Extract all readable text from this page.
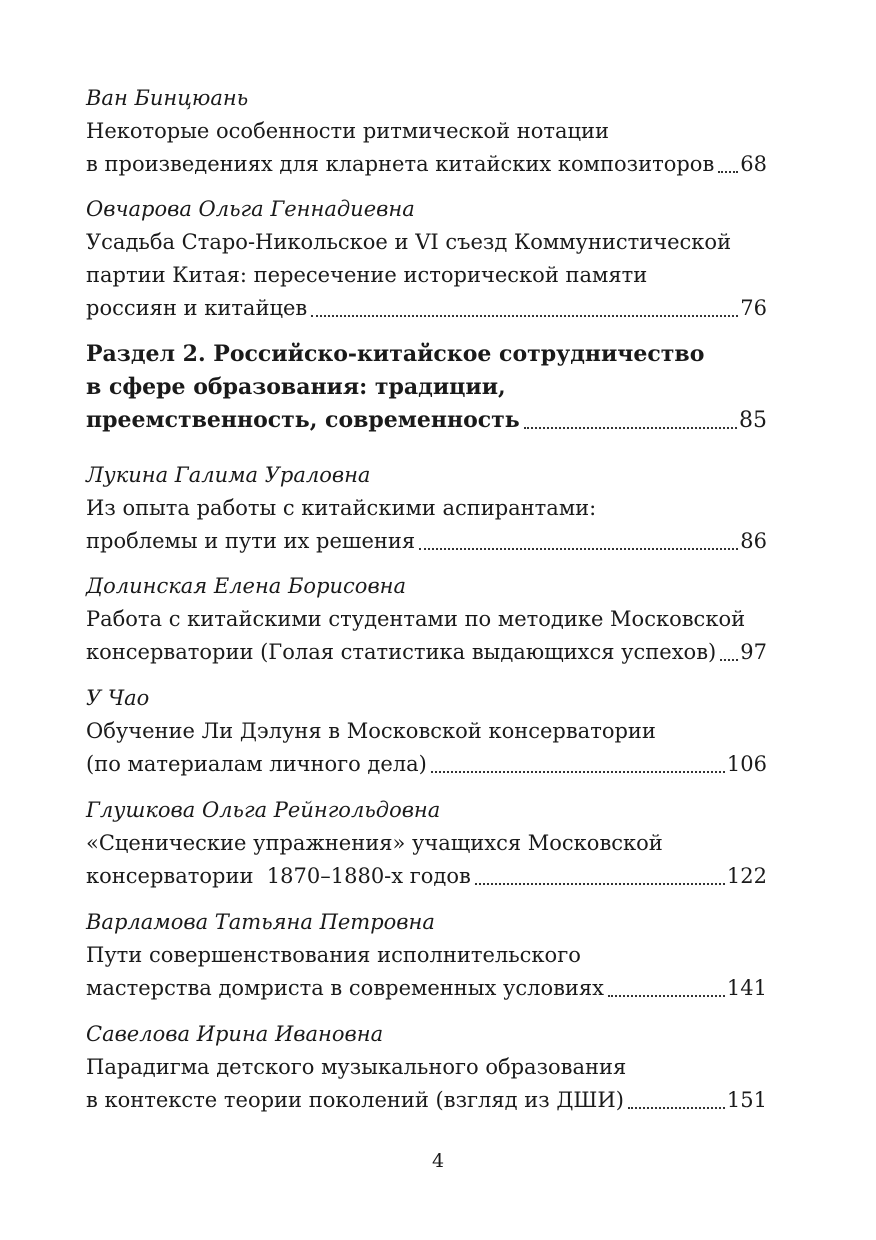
Ван Бинцюань
Некоторые особенности ритмической нотации
в произведениях для кларнета китайских композиторов 68
Овчарова Ольга Геннадиевна
Усадьба Старо-Никольское и VI съезд Коммунистической
партии Китая: пересечение исторической памяти
россиян и китайцев	76
Раздел 2. Российско-китайское сотрудничество
в сфере образования: традиции,
преемственность, современность	85
Лукина Галима Ураловна
Из опыта работы с китайскими аспирантами:
проблемы и пути их решения	86
Долинская Елена Борисовна
Работа с китайскими студентами по методике Московской
консерватории (Голая статистика выдающихся успехов) 97
У Чао
Обучение Ли Дэлуня в Московской консерватории
(по материалам личного дела)	106
Глушкова Ольга Рейнгольдовна
«Сценические упражнения» учащихся Московской
консерватории  1870–1880-х годов	122
Варламова Татьяна Петровна
Пути совершенствования исполнительского
мастерства домриста в современных условиях	141
Савелова Ирина Ивановна
Парадигма детского музыкального образования
в контексте теории поколений (взгляд из ДШИ)	151
4
